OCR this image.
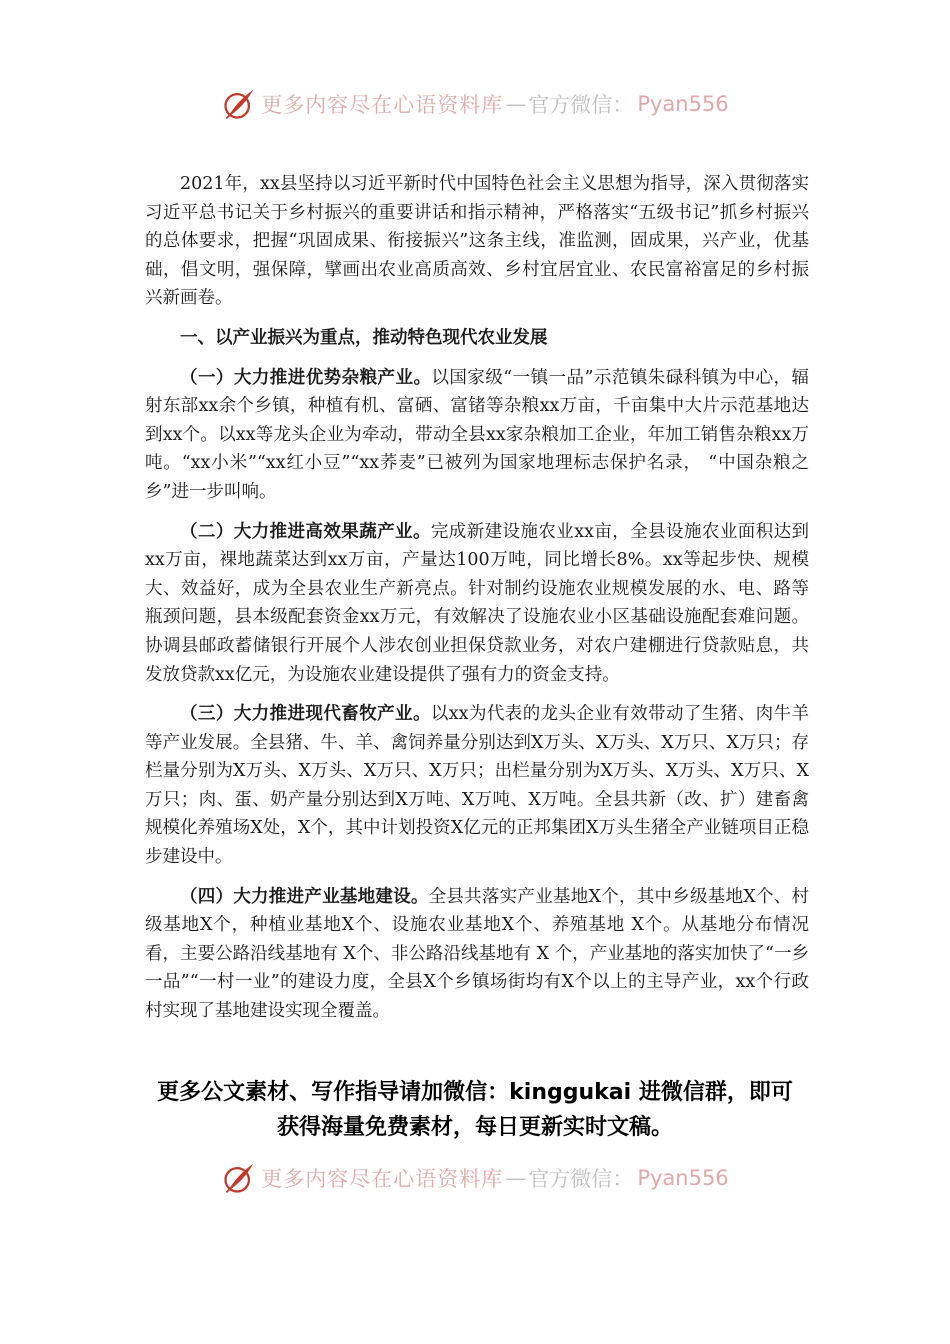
更多内容尽在心语资料库 — 官方微信 ： Pyan556

2021年，xx县坚持以习近平新时代中国特色社会主义思想为指导，深入贯彻落实习近平总书记关于乡村振兴的重要讲话和指示精神，严格落实“五级书记”抓乡村振兴的总体要求，把握“巩固成果、衔接振兴”这条主线，准监测，固成果，兴产业，优基础，倡文明，强保障，擘画出农业高质高效、乡村宜居宜业、农民富裕富足的乡村振兴新画卷。

一、以产业振兴为重点，推动特色现代农业发展

（一）大力推进优势杂粮产业。以国家级“一镇一品”示范镇朱碌科镇为中心，辐射东部xx余个乡镇，种植有机、富硒、富锗等杂粮xx万亩，千亩集中大片示范基地达到xx个。以xx等龙头企业为牵动，带动全县xx家杂粮加工企业，年加工销售杂粮xx万吨。“xx小米”“xx红小豆”“xx荞麦”已被列为国家地理标志保护名录， “中国杂粮之乡”进一步叫响。

（二）大力推进高效果蔬产业。完成新建设施农业xx亩，全县设施农业面积达到xx万亩，裸地蔬菜达到xx万亩，产量达100万吨，同比增长8%。xx等起步快、规模大、效益好，成为全县农业生产新亮点。针对制约设施农业规模发展的水、电、路等瓶颈问题，县本级配套资金xx万元，有效解决了设施农业小区基础设施配套难问题。协调县邮政蓄储银行开展个人涉农创业担保贷款业务，对农户建棚进行贷款贴息，共发放贷款xx亿元，为设施农业建设提供了强有力的资金支持。

（三）大力推进现代畜牧产业。以xx为代表的龙头企业有效带动了生猪、肉牛羊等产业发展。全县猪、牛、羊、禽饲养量分别达到X万头、X万头、X万只、X万只；存栏量分别为X万头、X万头、X万只、X万只；出栏量分别为X万头、X万头、X万只、X万只；肉、蛋、奶产量分别达到X万吨、X万吨、X万吨。全县共新（改、扩）建畜禽规模化养殖场X处，X个，其中计划投资X亿元的正邦集团X万头生猪全产业链项目正稳步建设中。

（四）大力推进产业基地建设。全县共落实产业基地X个，其中乡级基地X个、村级基地X个，种植业基地X个、设施农业基地X个、养殖基地 X个。从基地分布情况看，主要公路沿线基地有 X个、非公路沿线基地有 X 个，产业基地的落实加快了“一乡一品”“一村一业”的建设力度，全县X个乡镇场街均有X个以上的主导产业，xx个行政村实现了基地建设实现全覆盖。

更多公文素材、写作指导请加微信：kinggukai 进微信群，即可
获得海量免费素材，每日更新实时文稿。
更多内容尽在心语资料库 — 官方微信 ： Pyan556
